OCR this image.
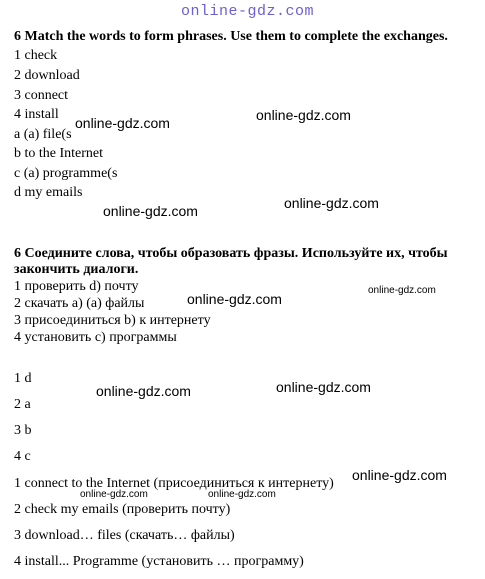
online-gdz.com
6 Match the words to form phrases. Use them to complete the exchanges.
1 check
2 download
3 connect
4 install
a (a) file(s
b to the Internet
c (a) programme(s
d my emails
6 Соедините слова, чтобы образовать фразы. Используйте их, чтобы
закончить диалоги.
1 проверить d) почту
2 скачать а) (a) файлы
3 присоединиться b) к интернету
4 установить c) программы
1 d
2 a
3 b
4 c
1 connect to the Internet (присоединиться к интернету)
2 check my emails (проверить почту)
3 download… files (скачать… файлы)
4 install... Programme (установить … программу)
online-gdz.com	online-gdz.com
online-gdz.com	online-gdz.com
online-gdz.com
online-gdz.com
online-gdz.com	online-gdz.com
online-gdz.com
online-gdz.com	online-gdz.com
